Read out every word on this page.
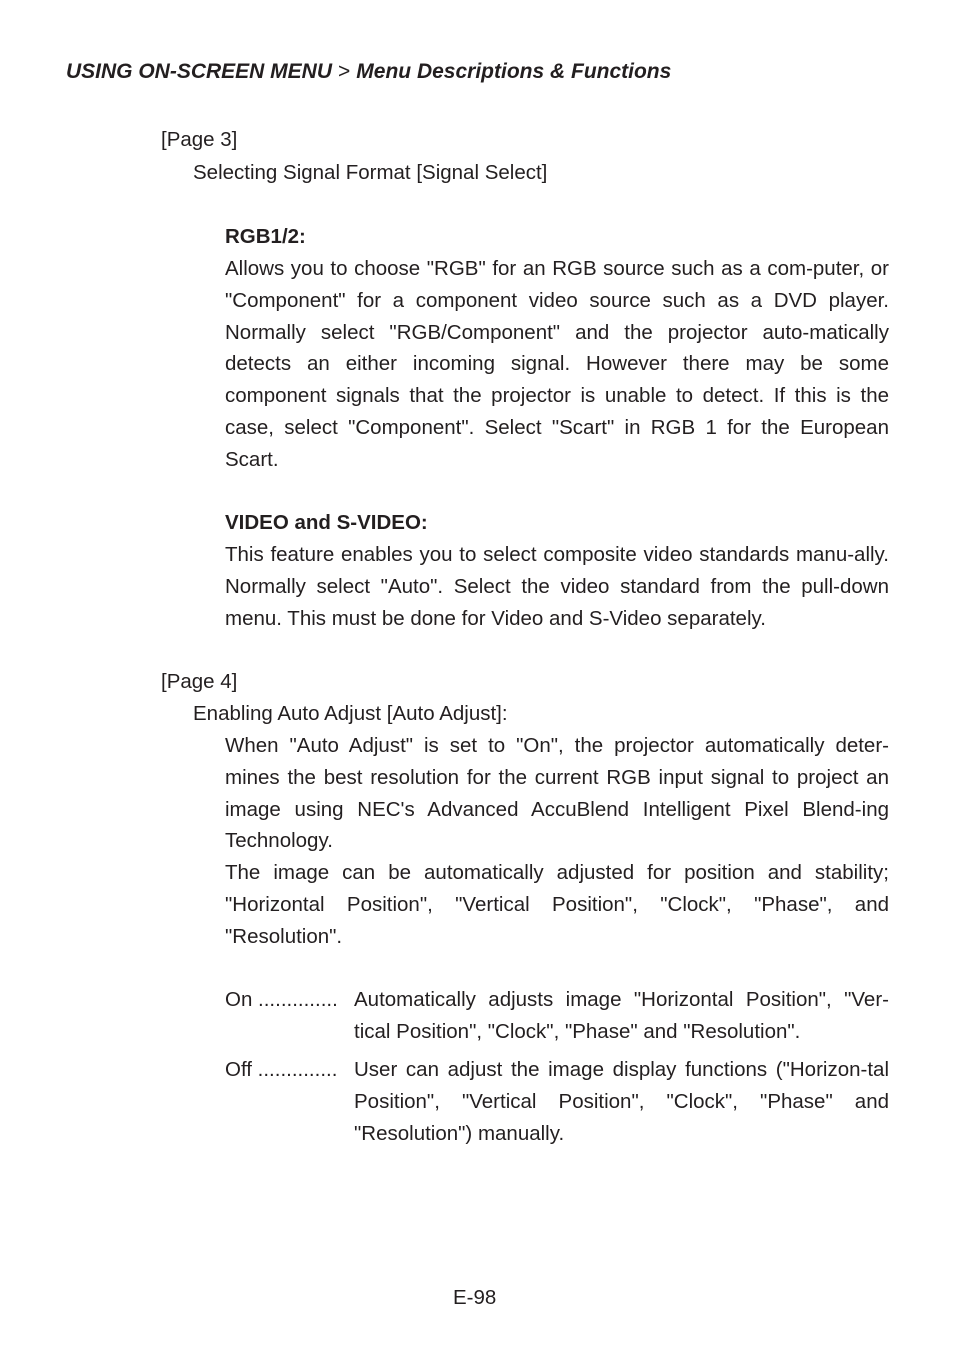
USING ON-SCREEN MENU > Menu Descriptions & Functions
[Page 3]
Selecting Signal Format [Signal Select]
RGB1/2:
Allows you to choose "RGB" for an RGB source such as a com-puter, or "Component" for a component video source such as a DVD player. Normally select "RGB/Component" and the projector auto-matically detects an either incoming signal. However there may be some component signals that the projector is unable to detect. If this is the case, select "Component". Select "Scart" in RGB 1 for the European Scart.
VIDEO and S-VIDEO:
This feature enables you to select composite video standards manu-ally. Normally select "Auto". Select the video standard from the pull-down menu. This must be done for Video and S-Video separately.
[Page 4]
Enabling Auto Adjust [Auto Adjust]:
When "Auto Adjust" is set to "On", the projector automatically deter-mines the best resolution for the current RGB input signal to project an image using NEC's Advanced AccuBlend Intelligent Pixel Blend-ing Technology.
The image can be automatically adjusted for position and stability; "Horizontal Position", "Vertical Position", "Clock", "Phase", and "Resolution".
On .............. Automatically adjusts image "Horizontal Position", "Ver-tical Position", "Clock", "Phase" and "Resolution".
Off .............. User can adjust the image display functions ("Horizon-tal Position", "Vertical Position", "Clock", "Phase" and "Resolution") manually.
E-98
